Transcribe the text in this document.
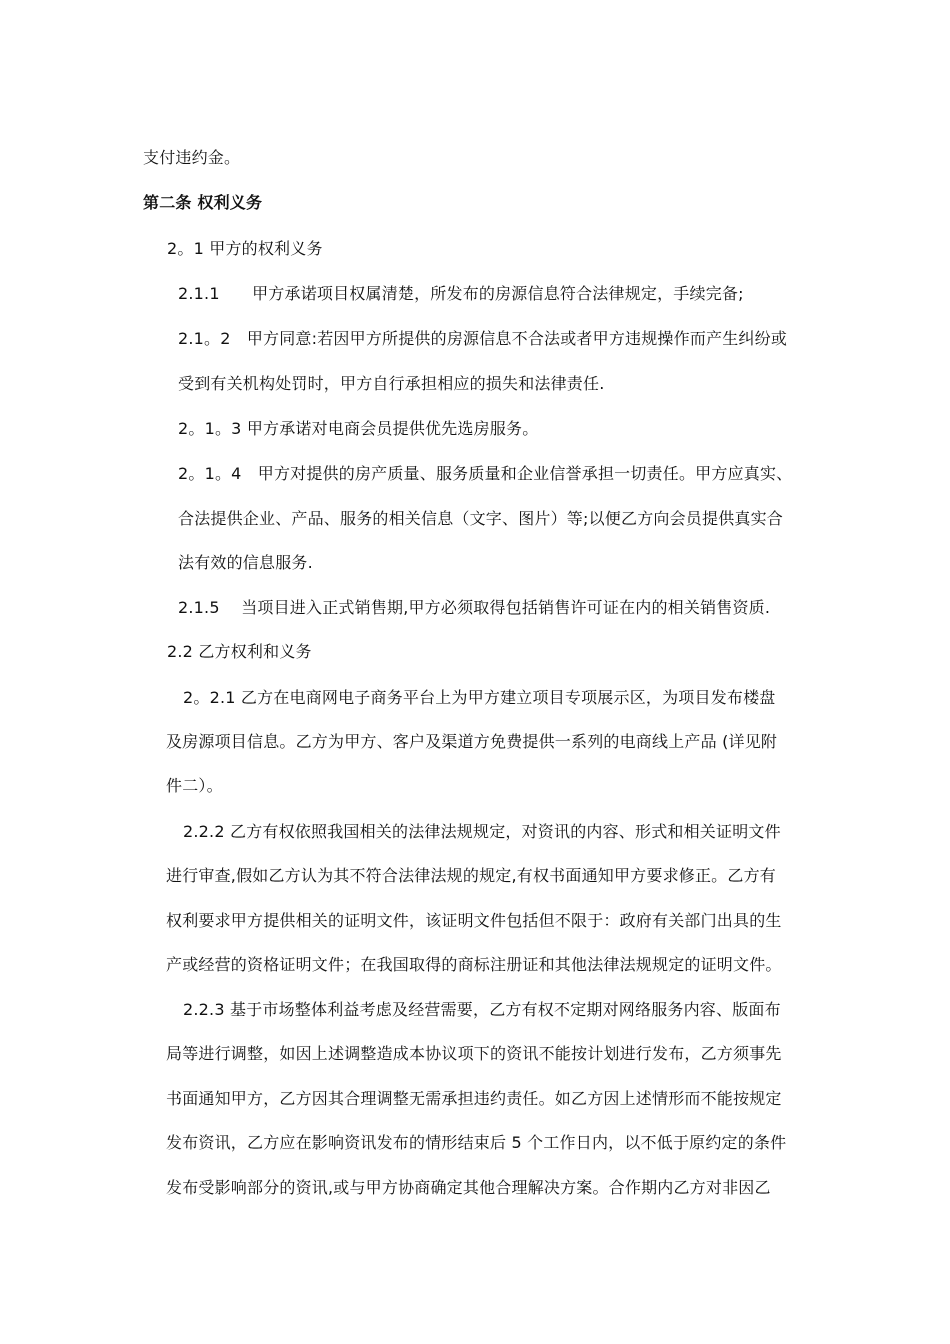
支付违约金。
第二条 权利义务
2。1 甲方的权利义务
2.1.1　　甲方承诺项目权属清楚，所发布的房源信息符合法律规定，手续完备;
2.1。2　甲方同意:若因甲方所提供的房源信息不合法或者甲方违规操作而产生纠纷或
受到有关机构处罚时，甲方自行承担相应的损失和法律责任.
2。1。3 甲方承诺对电商会员提供优先选房服务。
2。1。4　甲方对提供的房产质量、服务质量和企业信誉承担一切责任。甲方应真实、
合法提供企业、产品、服务的相关信息（文字、图片）等;以便乙方向会员提供真实合
法有效的信息服务.
2.1.5　 当项目进入正式销售期,甲方必须取得包括销售许可证在内的相关销售资质.
2.2 乙方权利和义务
2。2.1 乙方在电商网电子商务平台上为甲方建立项目专项展示区，为项目发布楼盘
及房源项目信息。乙方为甲方、客户及渠道方免费提供一系列的电商线上产品 (详见附
件二）。
2.2.2 乙方有权依照我国相关的法律法规规定，对资讯的内容、形式和相关证明文件
进行审查,假如乙方认为其不符合法律法规的规定,有权书面通知甲方要求修正。乙方有
权利要求甲方提供相关的证明文件，该证明文件包括但不限于：政府有关部门出具的生
产或经营的资格证明文件；在我国取得的商标注册证和其他法律法规规定的证明文件。
2.2.3 基于市场整体利益考虑及经营需要，乙方有权不定期对网络服务内容、版面布
局等进行调整，如因上述调整造成本协议项下的资讯不能按计划进行发布，乙方须事先
书面通知甲方，乙方因其合理调整无需承担违约责任。如乙方因上述情形而不能按规定
发布资讯，乙方应在影响资讯发布的情形结束后 5 个工作日内，以不低于原约定的条件
发布受影响部分的资讯,或与甲方协商确定其他合理解决方案。合作期内乙方对非因乙
